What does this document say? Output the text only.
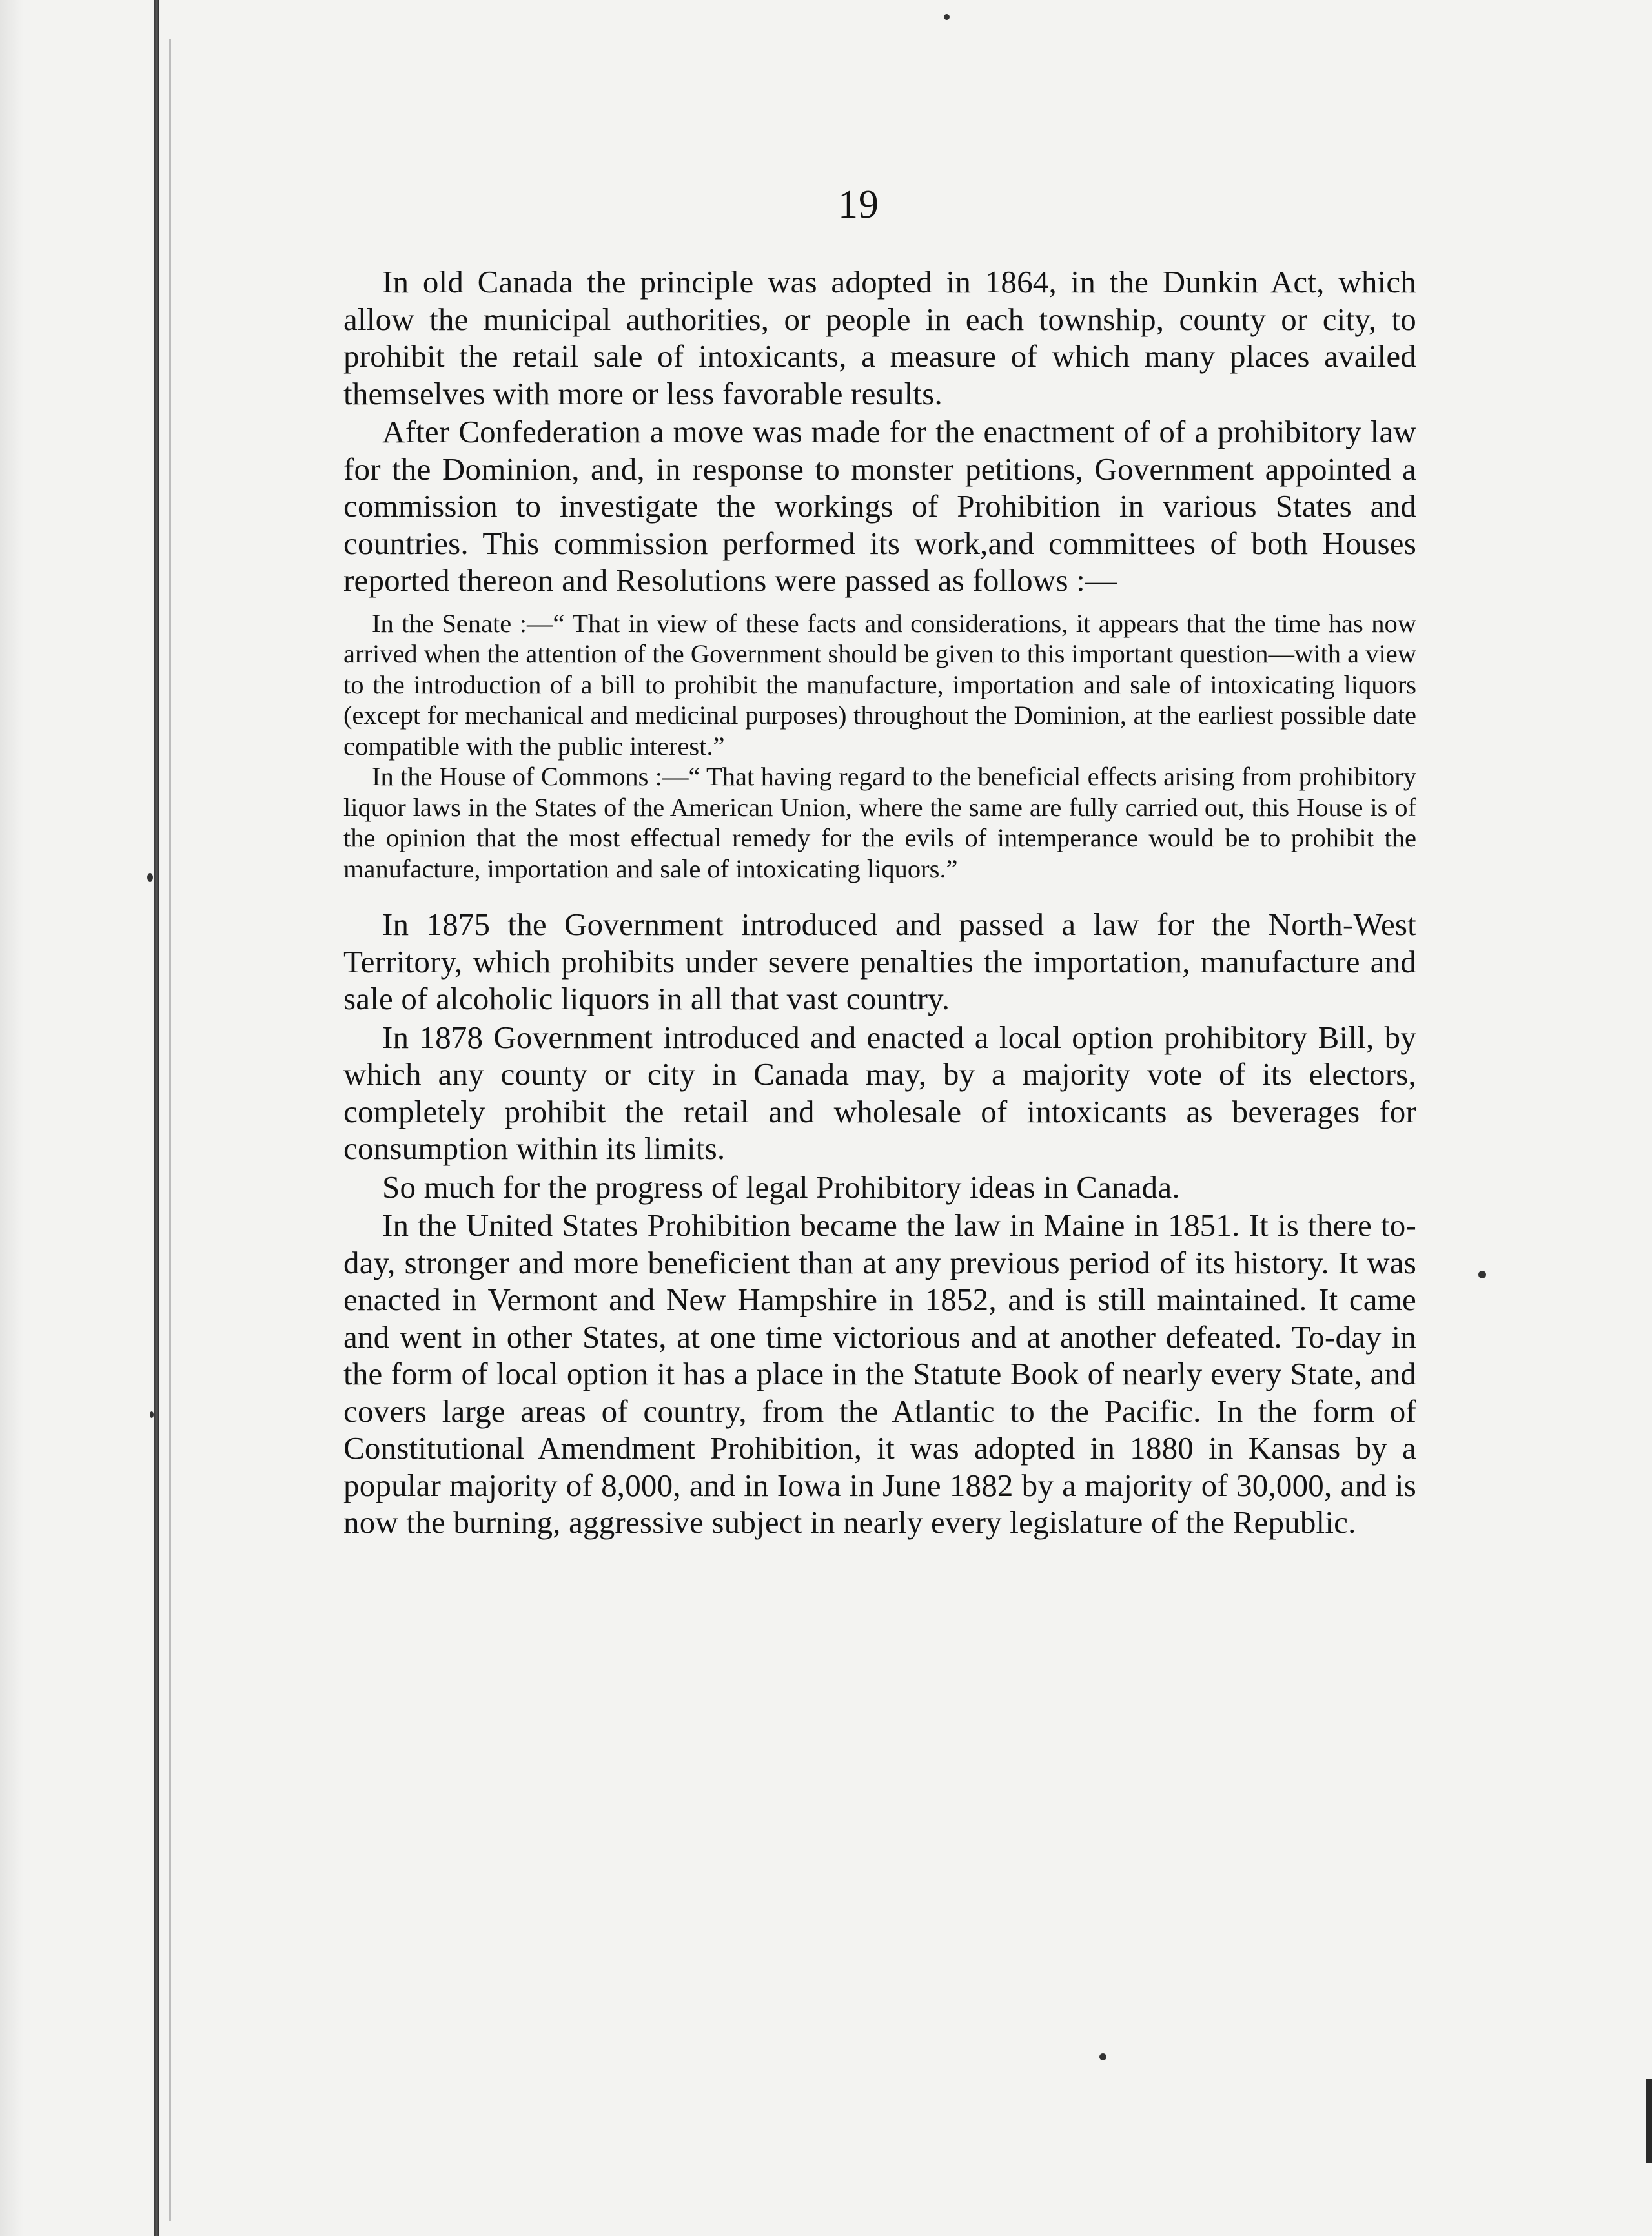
19

In old Canada the principle was adopted in 1864, in the Dunkin Act, which allow the municipal authorities, or people in each township, county or city, to prohibit the retail sale of intoxicants, a measure of which many places availed themselves with more or less favorable results.

After Confederation a move was made for the enactment of of a prohibitory law for the Dominion, and, in response to monster petitions, Government appointed a commission to investigate the workings of Prohibition in various States and countries. This commission performed its work,and committees of both Houses reported thereon and Resolutions were passed as follows :—

In the Senate :—“ That in view of these facts and considerations, it appears that the time has now arrived when the attention of the Government should be given to this important question—with a view to the introduction of a bill to prohibit the manufacture, importation and sale of intoxicating liquors (except for mechanical and medicinal purposes) throughout the Dominion, at the earliest possible date compatible with the public interest.”

In the House of Commons :—“ That having regard to the beneficial effects arising from prohibitory liquor laws in the States of the American Union, where the same are fully carried out, this House is of the opinion that the most effectual remedy for the evils of intemperance would be to prohibit the manufacture, importation and sale of intoxicating liquors.”

In 1875 the Government introduced and passed a law for the North-West Territory, which prohibits under severe penalties the importation, manufacture and sale of alcoholic liquors in all that vast country.

In 1878 Government introduced and enacted a local option prohibitory Bill, by which any county or city in Canada may, by a majority vote of its electors, completely prohibit the retail and wholesale of intoxicants as beverages for consumption within its limits.

So much for the progress of legal Prohibitory ideas in Canada.

In the United States Prohibition became the law in Maine in 1851. It is there to-day, stronger and more beneficient than at any previous period of its history. It was enacted in Vermont and New Hampshire in 1852, and is still maintained. It came and went in other States, at one time victorious and at another defeated. To-day in the form of local option it has a place in the Statute Book of nearly every State, and covers large areas of country, from the Atlantic to the Pacific. In the form of Constitutional Amendment Prohibition, it was adopted in 1880 in Kansas by a popular majority of 8,000, and in Iowa in June 1882 by a majority of 30,000, and is now the burning, aggressive subject in nearly every legislature of the Republic.
